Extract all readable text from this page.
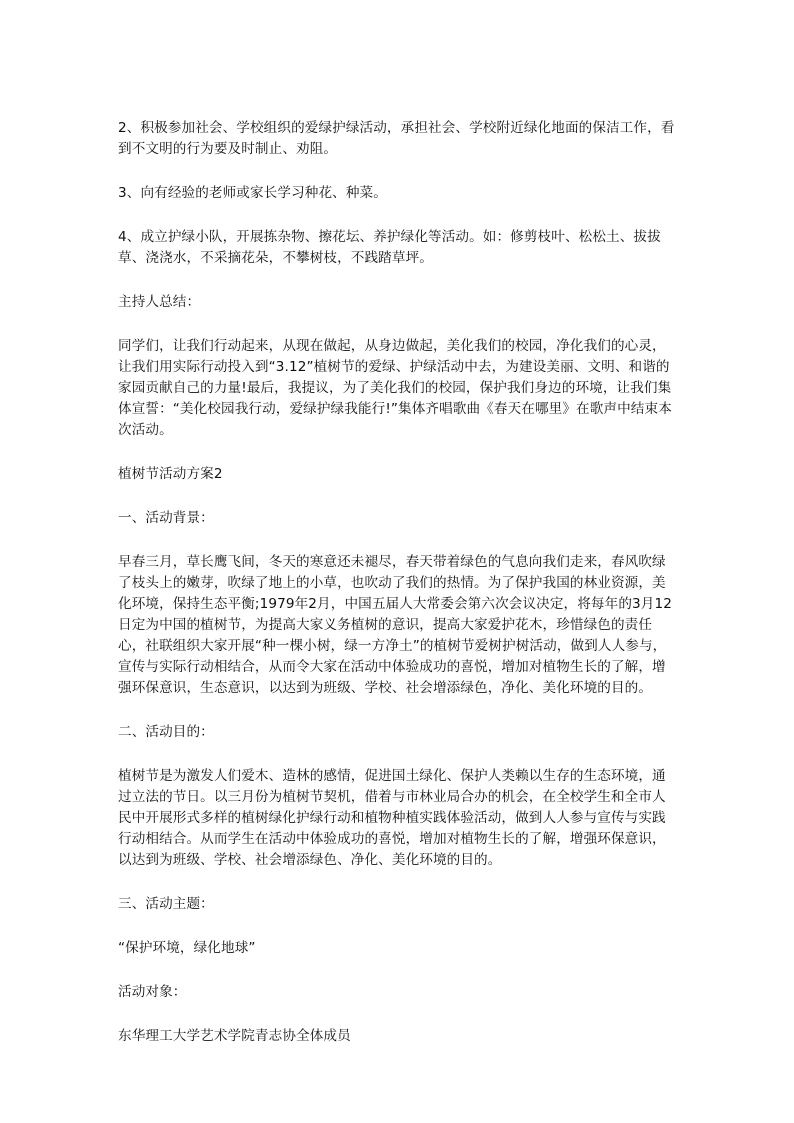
2、积极参加社会、学校组织的爱绿护绿活动，承担社会、学校附近绿化地面的保洁工作，看到不文明的行为要及时制止、劝阻。

3、向有经验的老师或家长学习种花、种菜。

4、成立护绿小队，开展拣杂物、擦花坛、养护绿化等活动。如：修剪枝叶、松松土、拔拔草、浇浇水，不采摘花朵，不攀树枝，不践踏草坪。

主持人总结：

同学们，让我们行动起来，从现在做起，从身边做起，美化我们的校园，净化我们的心灵，让我们用实际行动投入到“3.12”植树节的爱绿、护绿活动中去，为建设美丽、文明、和谐的家园贡献自己的力量!最后，我提议，为了美化我们的校园，保护我们身边的环境，让我们集体宣誓：“美化校园我行动，爱绿护绿我能行!”集体齐唱歌曲《春天在哪里》在歌声中结束本次活动。

植树节活动方案2

一、活动背景：

早春三月，草长鹰飞间，冬天的寒意还未褪尽，春天带着绿色的气息向我们走来，春风吹绿了枝头上的嫩芽，吹绿了地上的小草，也吹动了我们的热情。为了保护我国的林业资源，美化环境，保持生态平衡;1979年2月，中国五届人大常委会第六次会议决定，将每年的3月12日定为中国的植树节，为提高大家义务植树的意识，提高大家爱护花木，珍惜绿色的责任心，社联组织大家开展“种一棵小树，绿一方净土”的植树节爱树护树活动，做到人人参与，宣传与实际行动相结合，从而令大家在活动中体验成功的喜悦，增加对植物生长的了解，增强环保意识，生态意识，以达到为班级、学校、社会增添绿色，净化、美化环境的目的。

二、活动目的：

植树节是为激发人们爱木、造林的感情，促进国土绿化、保护人类赖以生存的生态环境，通过立法的节日。以三月份为植树节契机，借着与市林业局合办的机会，在全校学生和全市人民中开展形式多样的植树绿化护绿行动和植物种植实践体验活动，做到人人参与宣传与实践行动相结合。从而学生在活动中体验成功的喜悦，增加对植物生长的了解，增强环保意识，以达到为班级、学校、社会增添绿色、净化、美化环境的目的。

三、活动主题：

“保护环境，绿化地球”

活动对象：

东华理工大学艺术学院青志协全体成员
